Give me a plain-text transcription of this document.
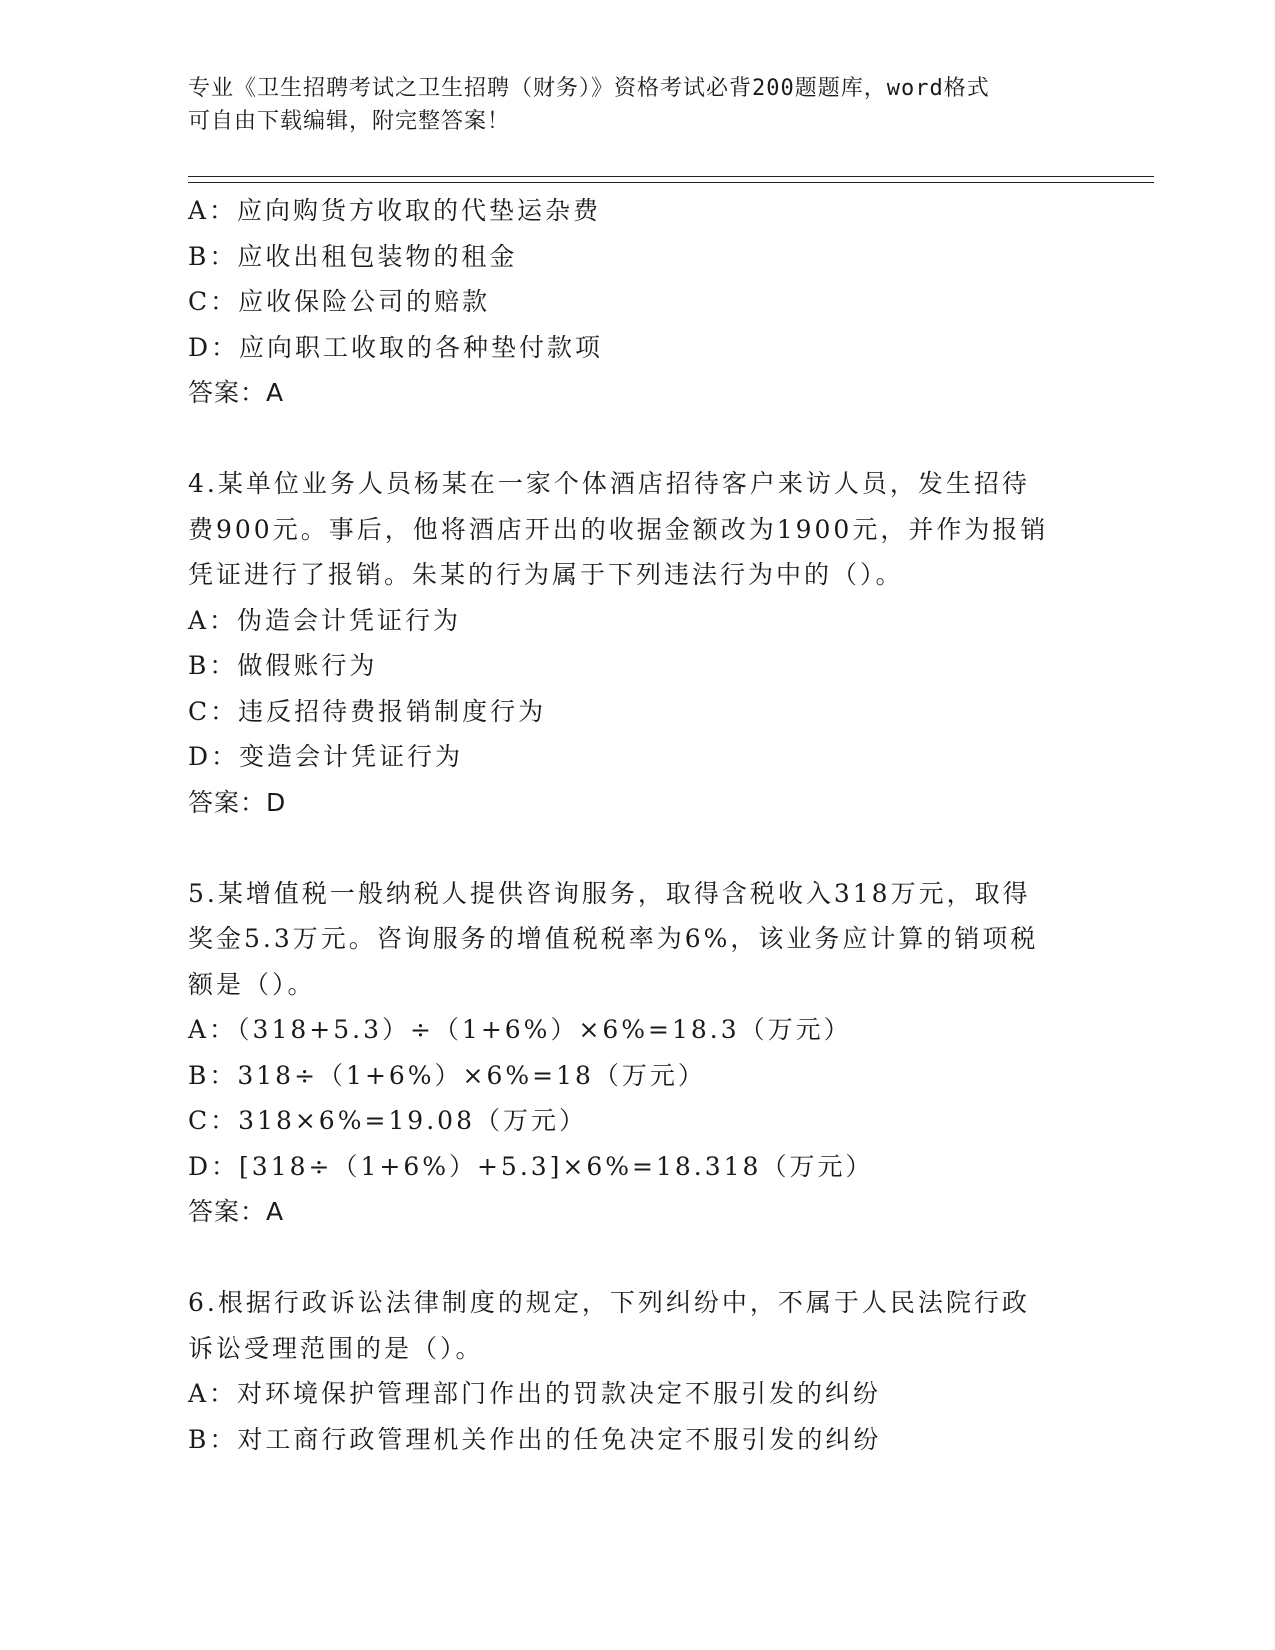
专业《卫生招聘考试之卫生招聘（财务）》资格考试必背200题题库，word格式
可自由下载编辑，附完整答案！
A：应向购货方收取的代垫运杂费
B：应收出租包装物的租金
C：应收保险公司的赔款
D：应向职工收取的各种垫付款项
答案：A
4.某单位业务人员杨某在一家个体酒店招待客户来访人员，发生招待
费900元。事后，他将酒店开出的收据金额改为1900元，并作为报销
凭证进行了报销。朱某的行为属于下列违法行为中的（）。
A：伪造会计凭证行为
B：做假账行为
C：违反招待费报销制度行为
D：变造会计凭证行为
答案：D
5.某增值税一般纳税人提供咨询服务，取得含税收入318万元，取得
奖金5.3万元。咨询服务的增值税税率为6%，该业务应计算的销项税
额是（）。
A：（318+5.3）÷（1+6%）×6%=18.3（万元）
B：318÷（1+6%）×6%=18（万元）
C：318×6%=19.08（万元）
D：[318÷（1+6%）+5.3]×6%=18.318（万元）
答案：A
6.根据行政诉讼法律制度的规定，下列纠纷中，不属于人民法院行政
诉讼受理范围的是（）。
A：对环境保护管理部门作出的罚款决定不服引发的纠纷
B：对工商行政管理机关作出的任免决定不服引发的纠纷
